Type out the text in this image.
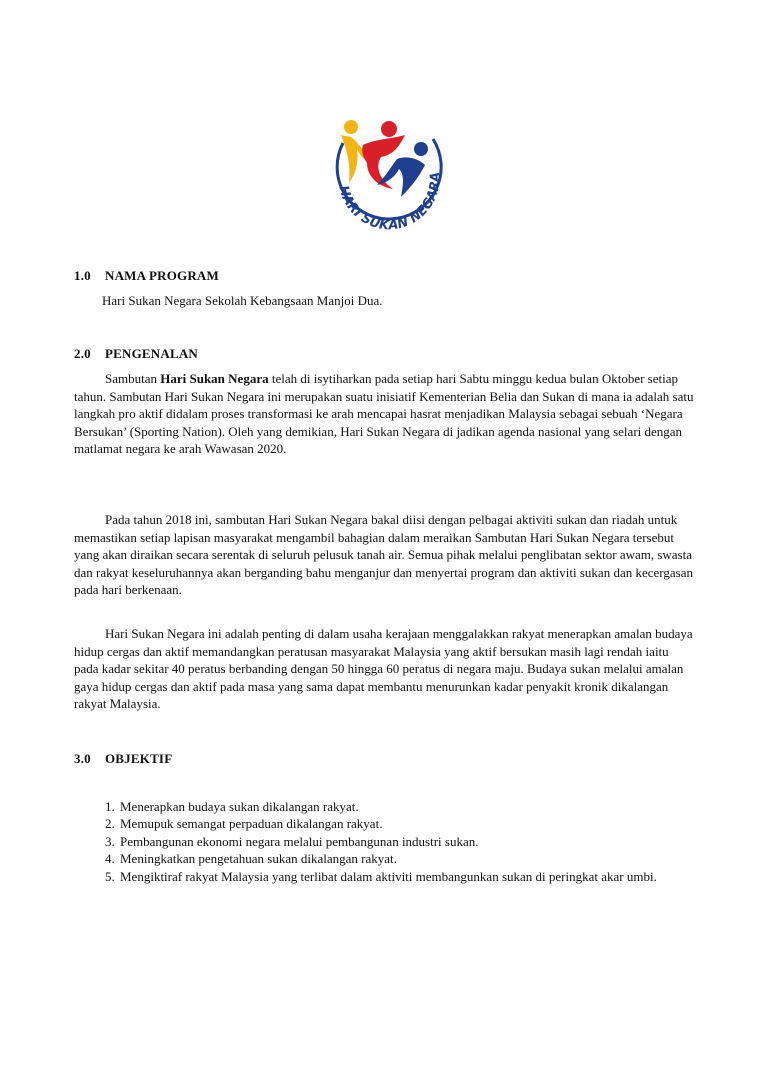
HARI SUKAN NEGARA
1.0 NAMA PROGRAM
Hari Sukan Negara Sekolah Kebangsaan Manjoi Dua.
2.0 PENGENALAN
Sambutan Hari Sukan Negara telah di isytiharkan pada setiap hari Sabtu minggu kedua bulan Oktober setiap tahun. Sambutan Hari Sukan Negara ini merupakan suatu inisiatif Kementerian Belia dan Sukan di mana ia adalah satu langkah pro aktif didalam proses transformasi ke arah mencapai hasrat menjadikan Malaysia sebagai sebuah ‘Negara Bersukan’ (Sporting Nation). Oleh yang demikian, Hari Sukan Negara di jadikan agenda nasional yang selari dengan matlamat negara ke arah Wawasan 2020.
Pada tahun 2018 ini, sambutan Hari Sukan Negara bakal diisi dengan pelbagai aktiviti sukan dan riadah untuk memastikan setiap lapisan masyarakat mengambil bahagian dalam meraikan Sambutan Hari Sukan Negara tersebut yang akan diraikan secara serentak di seluruh pelusuk tanah air. Semua pihak melalui penglibatan sektor awam, swasta dan rakyat keseluruhannya akan berganding bahu menganjur dan menyertai program dan aktiviti sukan dan kecergasan pada hari berkenaan.
Hari Sukan Negara ini adalah penting di dalam usaha kerajaan menggalakkan rakyat menerapkan amalan budaya hidup cergas dan aktif memandangkan peratusan masyarakat Malaysia yang aktif bersukan masih lagi rendah iaitu pada kadar sekitar 40 peratus berbanding dengan 50 hingga 60 peratus di negara maju. Budaya sukan melalui amalan gaya hidup cergas dan aktif pada masa yang sama dapat membantu menurunkan kadar penyakit kronik dikalangan rakyat Malaysia.
3.0 OBJEKTIF
1. Menerapkan budaya sukan dikalangan rakyat.
2. Memupuk semangat perpaduan dikalangan rakyat.
3. Pembangunan ekonomi negara melalui pembangunan industri sukan.
4. Meningkatkan pengetahuan sukan dikalangan rakyat.
5. Mengiktiraf rakyat Malaysia yang terlibat dalam aktiviti membangunkan sukan di peringkat akar umbi.
